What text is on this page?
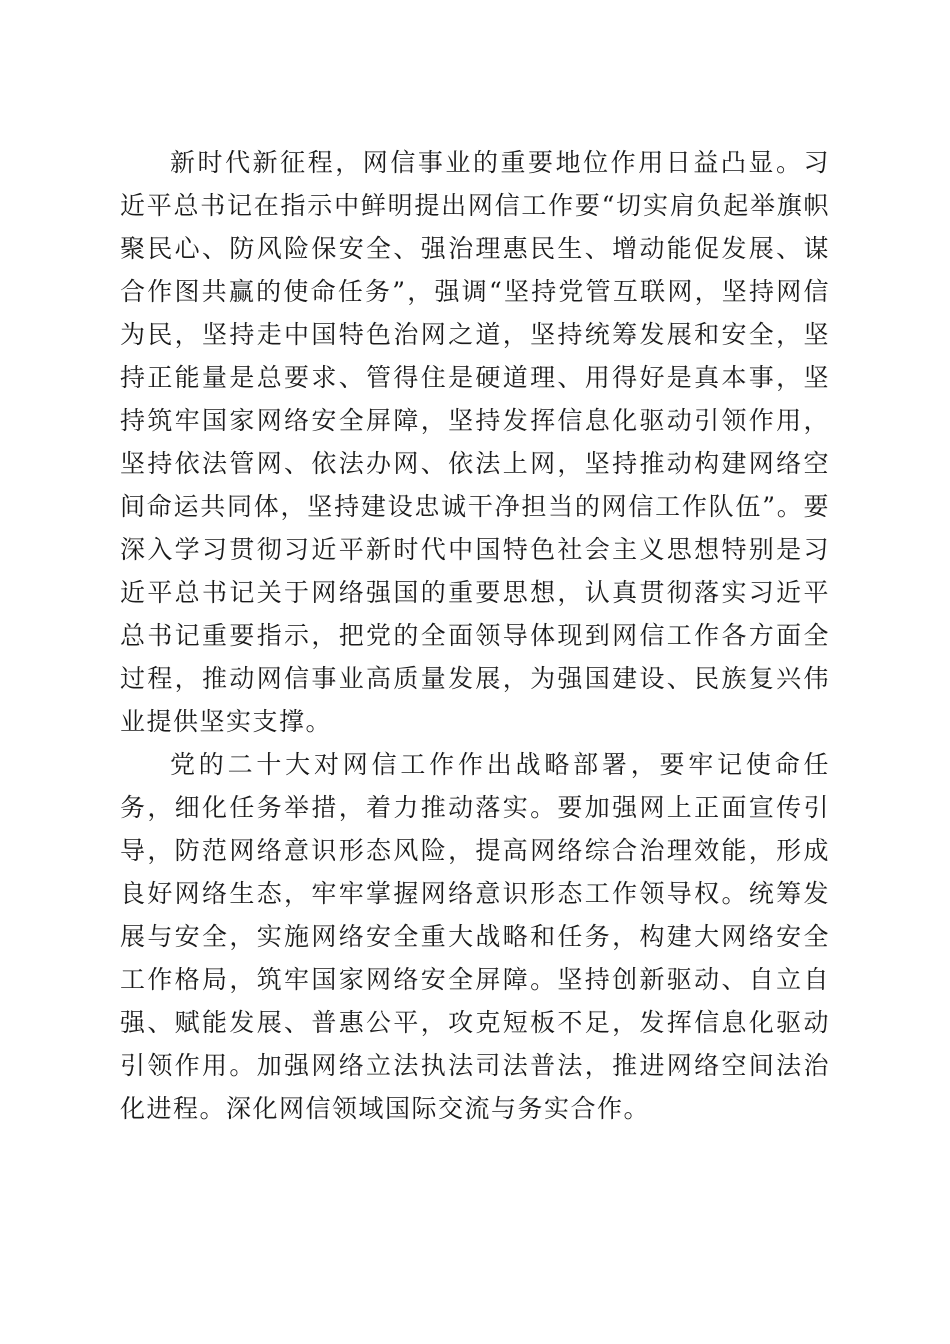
新时代新征程，网信事业的重要地位作用日益凸显。习近平总书记在指示中鲜明提出网信工作要“切实肩负起举旗帜聚民心、防风险保安全、强治理惠民生、增动能促发展、谋合作图共赢的使命任务”，强调“坚持党管互联网，坚持网信为民，坚持走中国特色治网之道，坚持统筹发展和安全，坚持正能量是总要求、管得住是硬道理、用得好是真本事，坚持筑牢国家网络安全屏障，坚持发挥信息化驱动引领作用，坚持依法管网、依法办网、依法上网，坚持推动构建网络空间命运共同体，坚持建设忠诚干净担当的网信工作队伍”。要深入学习贯彻习近平新时代中国特色社会主义思想特别是习近平总书记关于网络强国的重要思想，认真贯彻落实习近平总书记重要指示，把党的全面领导体现到网信工作各方面全过程，推动网信事业高质量发展，为强国建设、民族复兴伟业提供坚实支撑。

党的二十大对网信工作作出战略部署，要牢记使命任务，细化任务举措，着力推动落实。要加强网上正面宣传引导，防范网络意识形态风险，提高网络综合治理效能，形成良好网络生态，牢牢掌握网络意识形态工作领导权。统筹发展与安全，实施网络安全重大战略和任务，构建大网络安全工作格局，筑牢国家网络安全屏障。坚持创新驱动、自立自强、赋能发展、普惠公平，攻克短板不足，发挥信息化驱动引领作用。加强网络立法执法司法普法，推进网络空间法治化进程。深化网信领域国际交流与务实合作。
